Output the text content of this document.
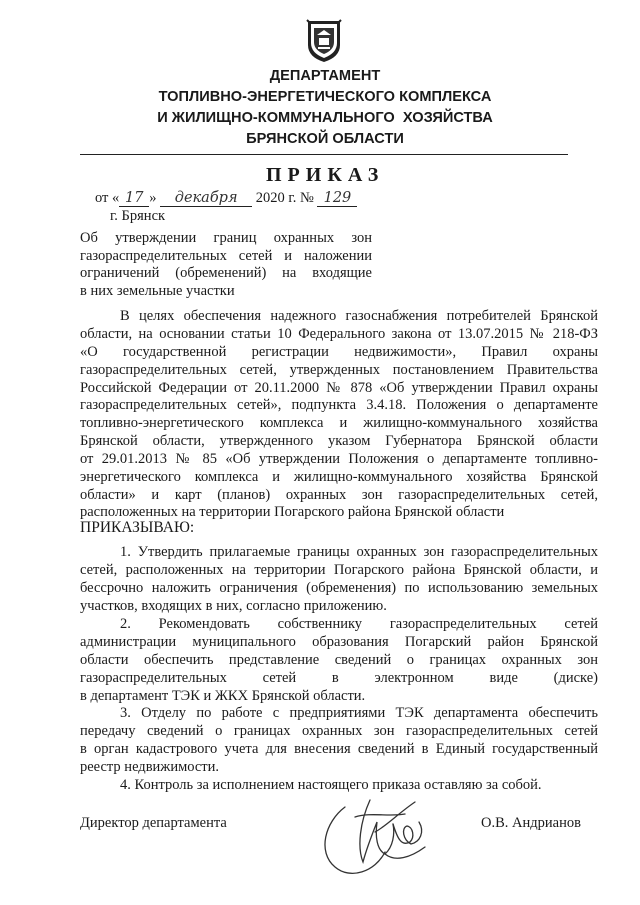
ДЕПАРТАМЕНТ
ТОПЛИВНО-ЭНЕРГЕТИЧЕСКОГО КОМПЛЕКСА
И ЖИЛИЩНО-КОММУНАЛЬНОГО  ХОЗЯЙСТВА
БРЯНСКОЙ ОБЛАСТИ
ПРИКАЗ
от « 17 » декабря 2020 г. № 129
г. Брянск
Об   утверждении   границ   охранных   зон
газораспределительных сетей и наложении
ограничений  (обременений)  на  входящие
в них земельные участки
В целях обеспечения надежного газоснабжения потребителей Брянской
области, на основании статьи 10 Федерального закона от 13.07.2015 № 218-ФЗ
«О государственной регистрации недвижимости», Правил охраны
газораспределительных сетей, утвержденных постановлением Правительства
Российской Федерации от 20.11.2000 № 878 «Об утверждении Правил охраны
газораспределительных сетей», подпункта 3.4.18. Положения о департаменте
топливно-энергетического комплекса и жилищно-коммунального хозяйства
Брянской области, утвержденного указом Губернатора Брянской области
от 29.01.2013 № 85 «Об утверждении Положения о департаменте топливно-
энергетического комплекса и жилищно-коммунального хозяйства Брянской
области» и карт (планов) охранных зон газораспределительных сетей,
расположенных на территории Погарского района Брянской области
ПРИКАЗЫВАЮ:
1. Утвердить прилагаемые границы охранных зон газораспределительных
сетей, расположенных на территории Погарского района Брянской области, и
бессрочно наложить ограничения (обременения) по использованию земельных
участков, входящих в них, согласно приложению.
2. Рекомендовать собственнику газораспределительных сетей
администрации муниципального образования Погарский район Брянской
области обеспечить представление сведений о границах охранных зон
газораспределительных сетей в электронном виде (диске)
в департамент ТЭК и ЖКХ Брянской области.
3. Отделу по работе с предприятиями ТЭК департамента обеспечить
передачу сведений о границах охранных зон газораспределительных сетей
в орган кадастрового учета для внесения сведений в Единый государственный
реестр недвижимости.
4. Контроль за исполнением настоящего приказа оставляю за собой.
Директор департамента	О.В. Андрианов
